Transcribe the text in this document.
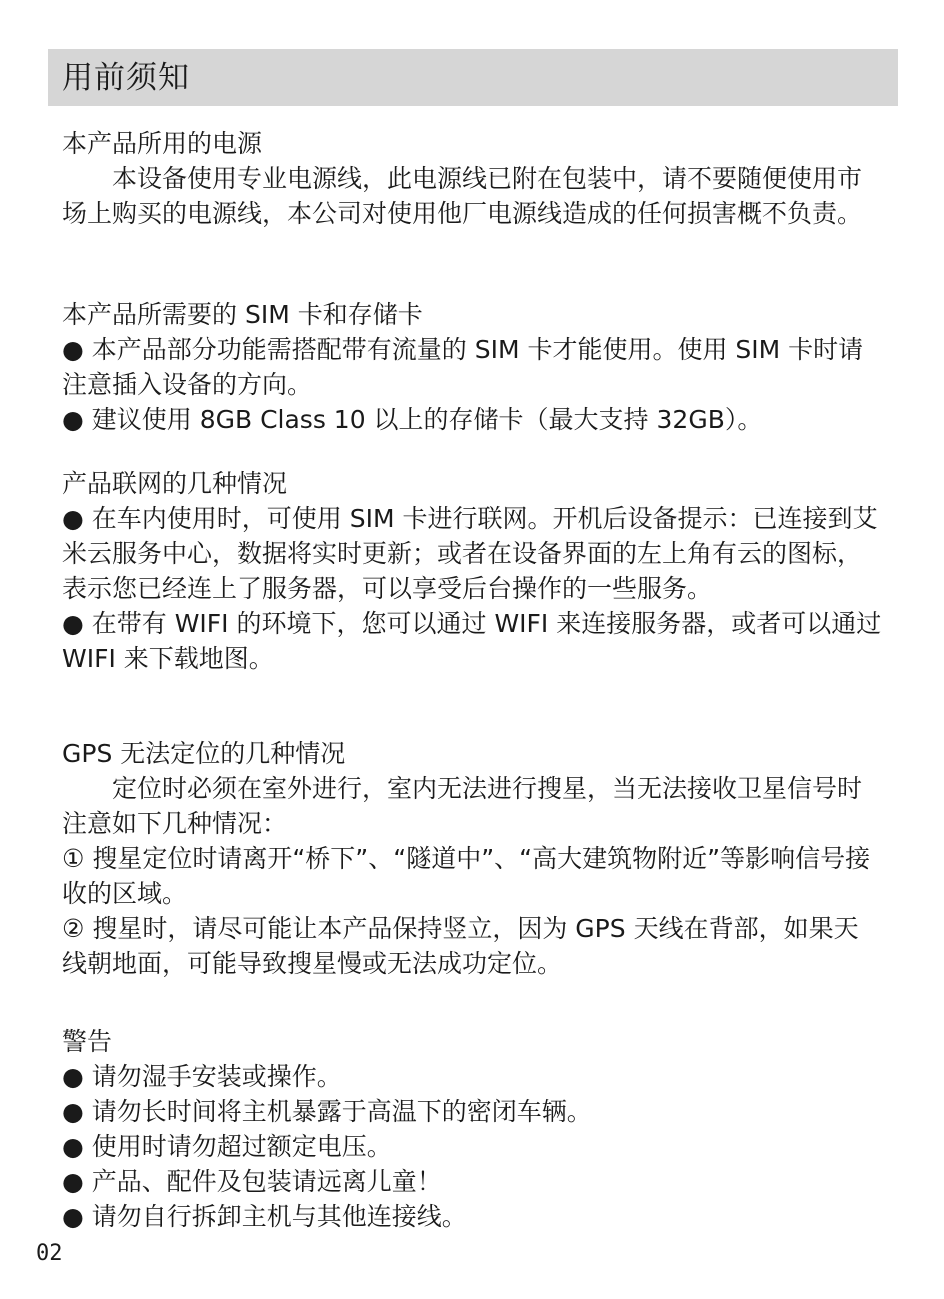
用前须知

本产品所用的电源

本设备使用专业电源线，此电源线已附在包装中，请不要随便使用市场上购买的电源线，本公司对使用他厂电源线造成的任何损害概不负责。

本产品所需要的 SIM 卡和存储卡

● 本产品部分功能需搭配带有流量的 SIM 卡才能使用。使用 SIM 卡时请注意插入设备的方向。

● 建议使用 8GB Class 10 以上的存储卡（最大支持 32GB）。

产品联网的几种情况

● 在车内使用时，可使用 SIM 卡进行联网。开机后设备提示：已连接到艾米云服务中心，数据将实时更新；或者在设备界面的左上角有云的图标，表示您已经连上了服务器，可以享受后台操作的一些服务。

● 在带有 WIFI 的环境下，您可以通过 WIFI 来连接服务器，或者可以通过 WIFI 来下载地图。

GPS 无法定位的几种情况

定位时必须在室外进行，室内无法进行搜星，当无法接收卫星信号时注意如下几种情况：

① 搜星定位时请离开“桥下”、“隧道中”、“高大建筑物附近”等影响信号接收的区域。

② 搜星时，请尽可能让本产品保持竖立，因为 GPS 天线在背部，如果天线朝地面，可能导致搜星慢或无法成功定位。

警告

● 请勿湿手安装或操作。

● 请勿长时间将主机暴露于高温下的密闭车辆。

● 使用时请勿超过额定电压。

● 产品、配件及包装请远离儿童！

● 请勿自行拆卸主机与其他连接线。

02
